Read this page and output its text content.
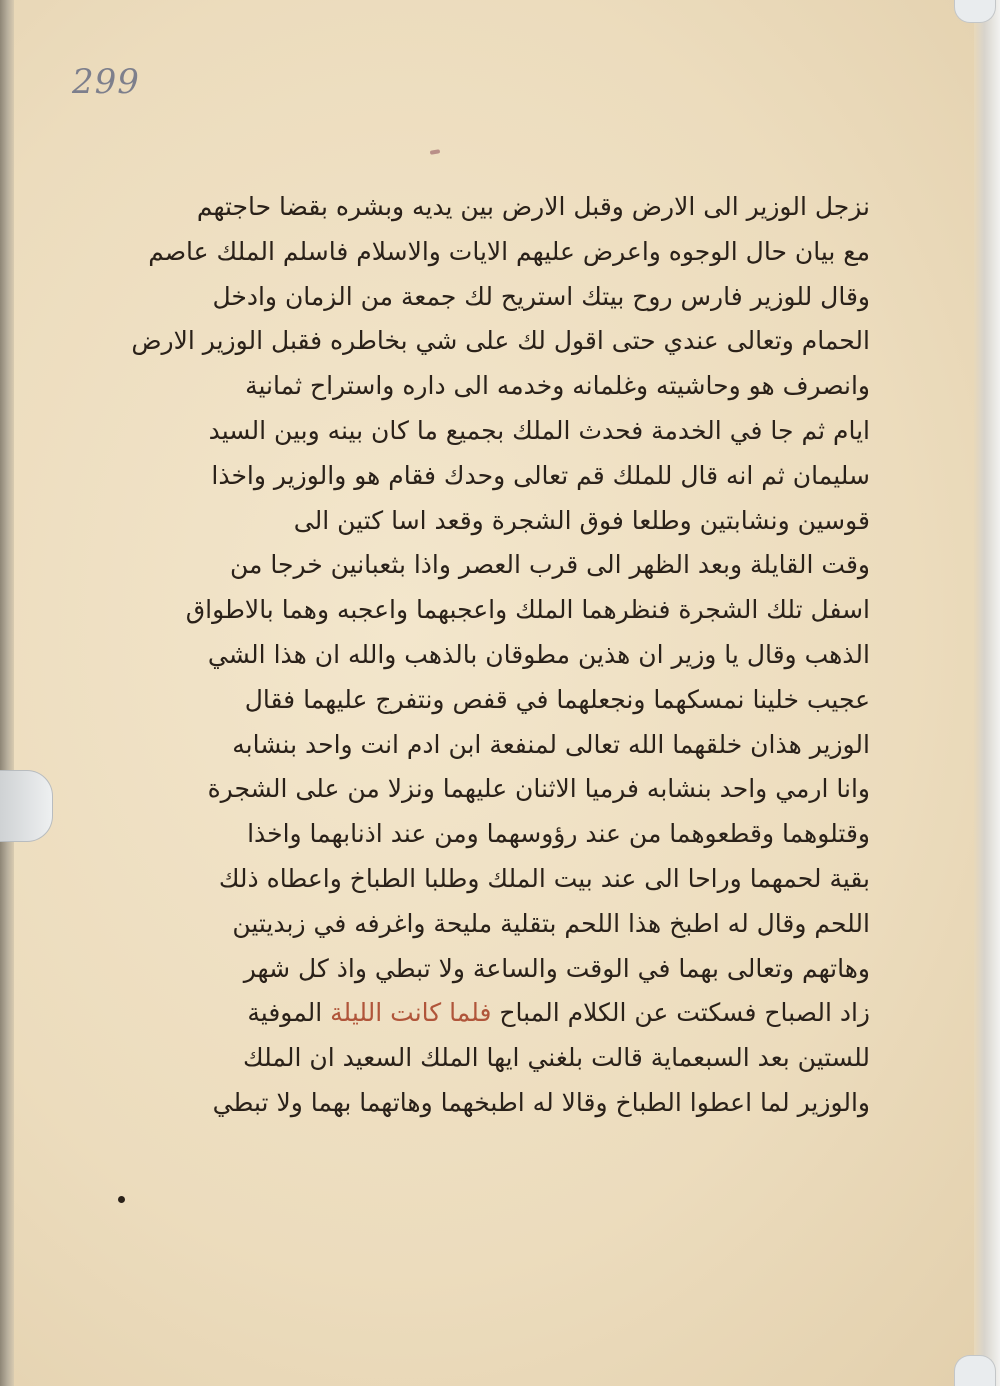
299
نزجل الوزير الى الارض وقبل الارض بين يديه وبشره بقضا حاجتهم
مع بيان حال الوجوه واعرض عليهم الايات والاسلام فاسلم الملك عاصم
وقال للوزير فارس روح بيتك استريح لك جمعة من الزمان وادخل
الحمام وتعالى عندي حتى اقول لك على شي بخاطره فقبل الوزير الارض
وانصرف هو وحاشيته وغلمانه وخدمه الى داره واستراح ثمانية
ايام ثم جا في الخدمة فحدث الملك بجميع ما كان بينه وبين السيد
سليمان ثم انه قال للملك قم تعالى وحدك فقام هو والوزير واخذا
قوسين ونشابتين وطلعا فوق الشجرة وقعد اسا كتين الى
وقت القايلة وبعد الظهر الى قرب العصر واذا بثعبانين خرجا من
اسفل تلك الشجرة فنظرهما الملك واعجبهما واعجبه وهما بالاطواق
الذهب وقال يا وزير ان هذين مطوقان بالذهب والله ان هذا الشي
عجيب خلينا نمسكهما ونجعلهما في قفص ونتفرج عليهما فقال
الوزير هذان خلقهما الله تعالى لمنفعة ابن ادم انت واحد بنشابه
وانا ارمي واحد بنشابه فرميا الاثنان عليهما ونزلا من على الشجرة
وقتلوهما وقطعوهما من عند رؤوسهما ومن عند اذنابهما واخذا
بقية لحمهما وراحا الى عند بيت الملك وطلبا الطباخ واعطاه ذلك
اللحم وقال له اطبخ هذا اللحم بتقلية مليحة واغرفه في زبديتين
وهاتهم وتعالى بهما في الوقت والساعة ولا تبطي واذ كل شهر
زاد الصباح فسكتت عن الكلام المباح فلما كانت الليلة الموفية
للستين بعد السبعماية قالت بلغني ايها الملك السعيد ان الملك
والوزير لما اعطوا الطباخ وقالا له اطبخهما وهاتهما بهما ولا تبطي
